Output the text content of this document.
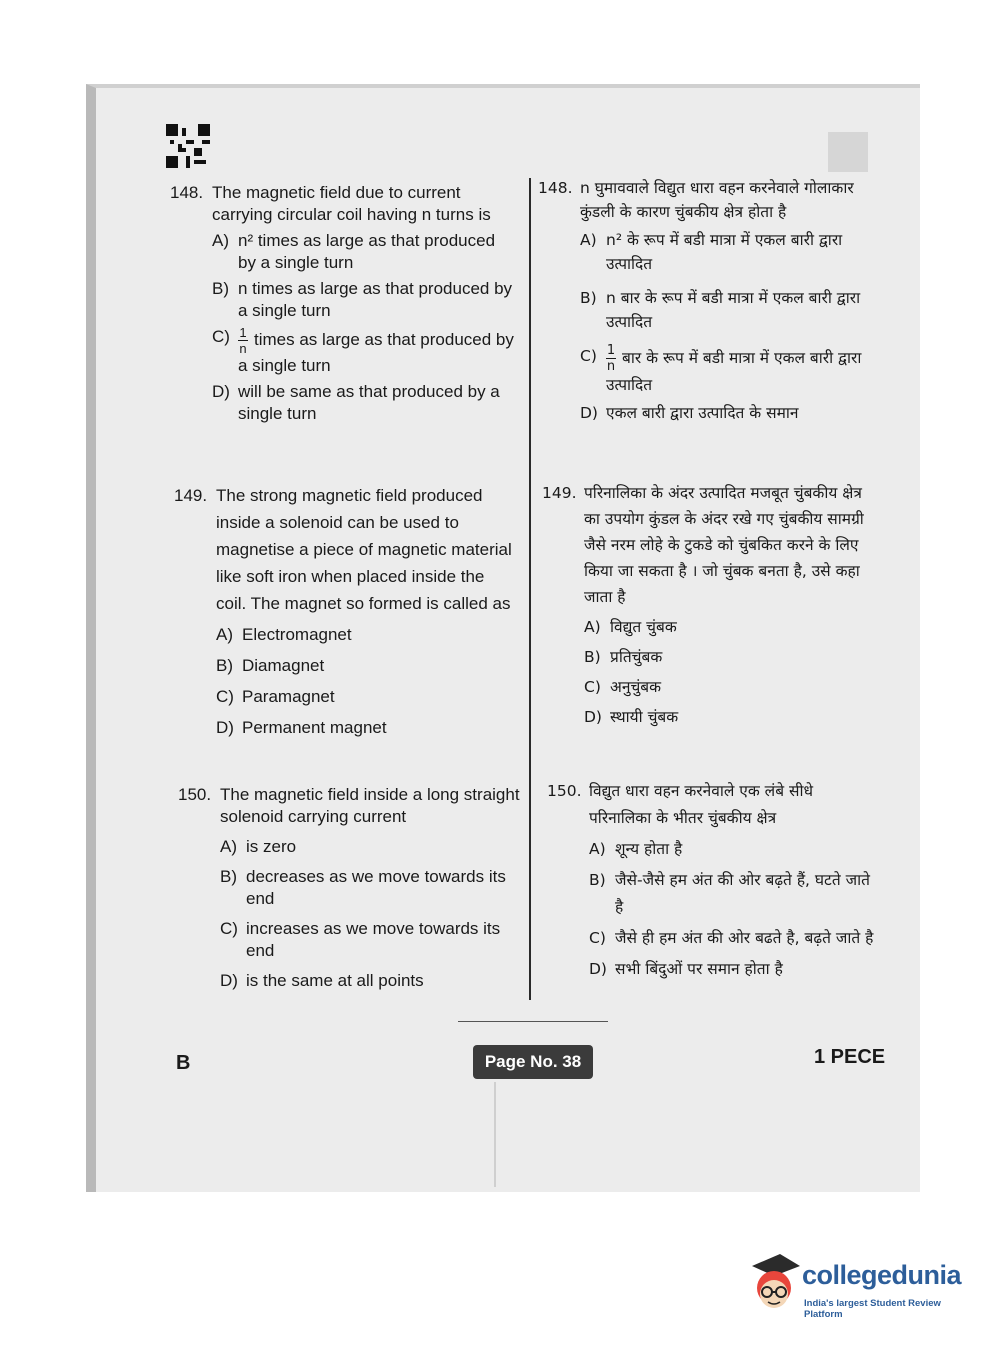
148. The magnetic field due to current carrying circular coil having n turns is
A) n² times as large as that produced by a single turn
B) n times as large as that produced by a single turn
$C) \frac{1}{n}$ times as large as that produced by a single turn
D) will be same as that produced by a single turn
149. The strong magnetic field produced inside a solenoid can be used to magnetise a piece of magnetic material like soft iron when placed inside the coil. The magnet so formed is called as
A) Electromagnet
B) Diamagnet
C) Paramagnet
D) Permanent magnet
150. The magnetic field inside a long straight solenoid carrying current
A) is zero
B) decreases as we move towards its end
C) increases as we move towards its end
D) is the same at all points
148. n घुमाववाले विद्युत धारा वहन करनेवाले गोलाकार कुंडली के कारण चुंबकीय क्षेत्र होता है
A) n² के रूप में बडी मात्रा में एकल बारी द्वारा उत्पादित
B) n बार के रूप में बडी मात्रा में एकल बारी द्वारा उत्पादित
$C) \frac{1}{n}$ बार के रूप में बडी मात्रा में एकल बारी द्वारा उत्पादित
D) एकल बारी द्वारा उत्पादित के समान
149. परिनालिका के अंदर उत्पादित मजबूत चुंबकीय क्षेत्र का उपयोग कुंडल के अंदर रखे गए चुंबकीय सामग्री जैसे नरम लोहे के टुकडे को चुंबकित करने के लिए किया जा सकता है । जो चुंबक बनता है, उसे कहा जाता है
A) विद्युत चुंबक
B) प्रतिचुंबक
C) अनुचुंबक
D) स्थायी चुंबक
150. विद्युत धारा वहन करनेवाले एक लंबे सीधे परिनालिका के भीतर चुंबकीय क्षेत्र
A) शून्य होता है
B) जैसे-जैसे हम अंत की ओर बढ़ते हैं, घटते जाते है
C) जैसे ही हम अंत की ओर बढते है, बढ़ते जाते है
D) सभी बिंदुओं पर समान होता है
B	Page No. 38	1 PECE
collegedunia
India's largest Student Review Platform
